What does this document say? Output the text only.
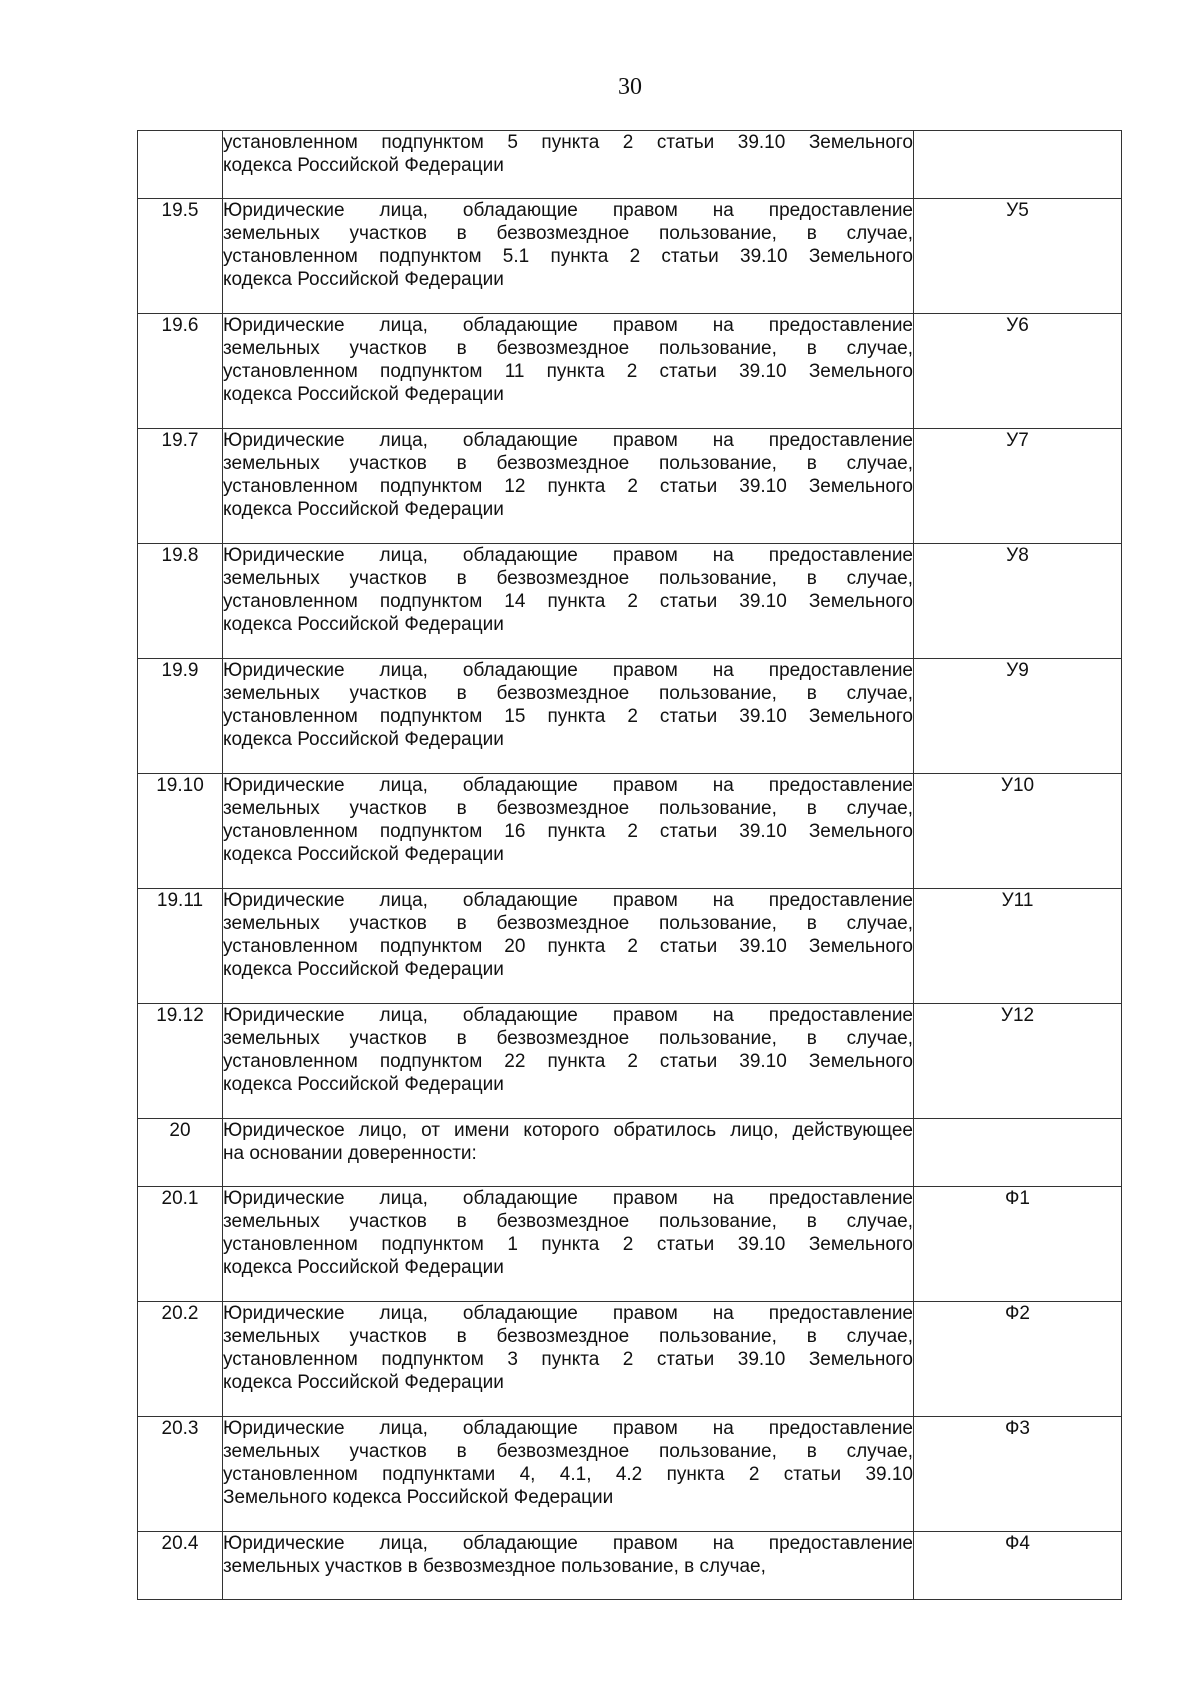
30

	установленном подпунктом 5 пункта 2 статьи 39.10 Земельного
кодекса Российской Федерации	

19.5	Юридические лица, обладающие правом на предоставление
земельных участков в безвозмездное пользование, в случае,
установленном подпунктом 5.1 пункта 2 статьи 39.10 Земельного
кодекса Российской Федерации	У5
19.6	Юридические лица, обладающие правом на предоставление
земельных участков в безвозмездное пользование, в случае,
установленном подпунктом 11 пункта 2 статьи 39.10 Земельного
кодекса Российской Федерации	У6
19.7	Юридические лица, обладающие правом на предоставление
земельных участков в безвозмездное пользование, в случае,
установленном подпунктом 12 пункта 2 статьи 39.10 Земельного
кодекса Российской Федерации	У7
19.8	Юридические лица, обладающие правом на предоставление
земельных участков в безвозмездное пользование, в случае,
установленном подпунктом 14 пункта 2 статьи 39.10 Земельного
кодекса Российской Федерации	У8
19.9	Юридические лица, обладающие правом на предоставление
земельных участков в безвозмездное пользование, в случае,
установленном подпунктом 15 пункта 2 статьи 39.10 Земельного
кодекса Российской Федерации	У9
19.10	Юридические лица, обладающие правом на предоставление
земельных участков в безвозмездное пользование, в случае,
установленном подпунктом 16 пункта 2 статьи 39.10 Земельного
кодекса Российской Федерации	У10
19.11	Юридические лица, обладающие правом на предоставление
земельных участков в безвозмездное пользование, в случае,
установленном подпунктом 20 пункта 2 статьи 39.10 Земельного
кодекса Российской Федерации	У11
19.12	Юридические лица, обладающие правом на предоставление
земельных участков в безвозмездное пользование, в случае,
установленном подпунктом 22 пункта 2 статьи 39.10 Земельного
кодекса Российской Федерации	У12
20	Юридическое лицо, от имени которого обратилось лицо, действующее
на основании доверенности:	

20.1	Юридические лица, обладающие правом на предоставление
земельных участков в безвозмездное пользование, в случае,
установленном подпунктом 1 пункта 2 статьи 39.10 Земельного
кодекса Российской Федерации	Ф1
20.2	Юридические лица, обладающие правом на предоставление
земельных участков в безвозмездное пользование, в случае,
установленном подпунктом 3 пункта 2 статьи 39.10 Земельного
кодекса Российской Федерации	Ф2
20.3	Юридические лица, обладающие правом на предоставление
земельных участков в безвозмездное пользование, в случае,
установленном подпунктами 4, 4.1, 4.2 пункта 2 статьи 39.10
Земельного кодекса Российской Федерации	Ф3
20.4	Юридические лица, обладающие правом на предоставление
земельных участков в безвозмездное пользование, в случае,	Ф4
